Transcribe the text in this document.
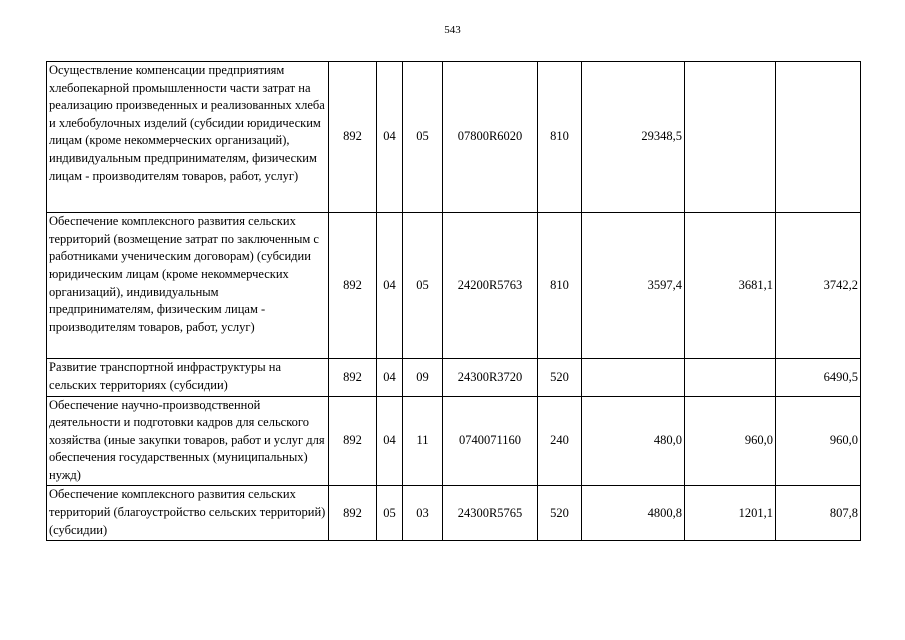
543
Осуществление компенсации предприятиям хлебопекарной промышленности части затрат на реализацию произведенных и реализованных хлеба и хлебобулочных изделий (субсидии юридическим лицам (кроме некоммерческих организаций), индивидуальным предпринимателям, физическим лицам - производителям товаров, работ, услуг)	892	04	05	07800R6020	810	29348,5		
Обеспечение комплексного развития сельских территорий (возмещение затрат по заключенным с работниками ученическим договорам) (субсидии юридическим лицам (кроме некоммерческих организаций), индивидуальным предпринимателям, физическим лицам - производителям товаров, работ, услуг)	892	04	05	24200R5763	810	3597,4	3681,1	3742,2
Развитие транспортной инфраструктуры на сельских территориях (субсидии)	892	04	09	24300R3720	520			6490,5
Обеспечение научно-производственной деятельности и подготовки кадров для сельского хозяйства (иные закупки товаров, работ и услуг для обеспечения государственных (муниципальных) нужд)	892	04	11	0740071160	240	480,0	960,0	960,0
Обеспечение комплексного развития сельских территорий (благоустройство сельских территорий) (субсидии)	892	05	03	24300R5765	520	4800,8	1201,1	807,8
